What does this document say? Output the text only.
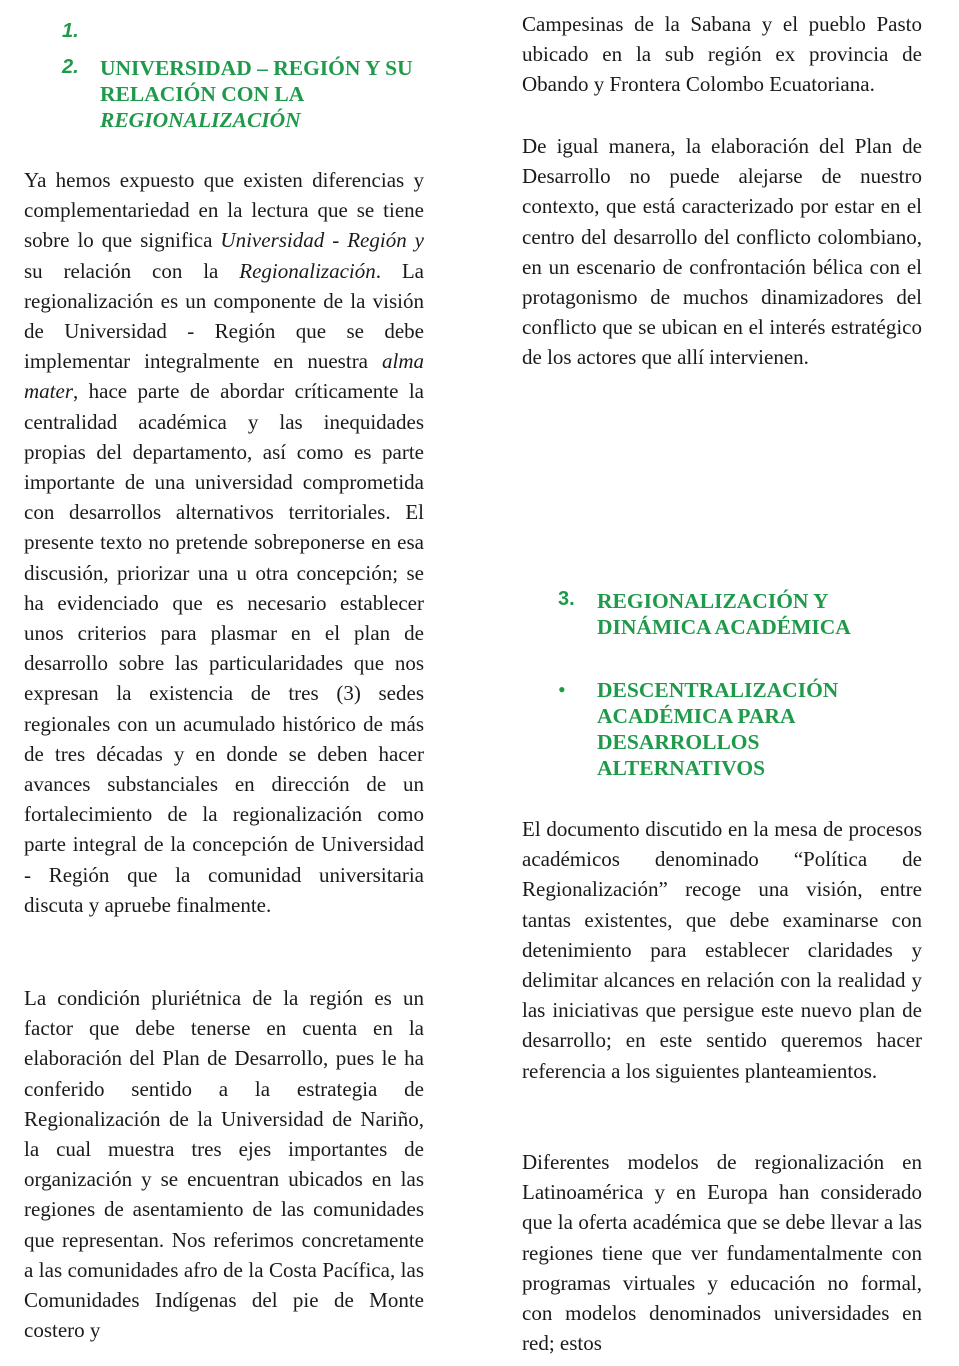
1.
2. UNIVERSIDAD – REGIÓN Y SU

RELACIÓN CON LA

REGIONALIZACIÓN

Ya hemos expuesto que existen diferencias y complementariedad en la lectura que se tiene sobre lo que significa Universidad - Región y su relación con la Regionalización. La regionalización es un componente de la visión de Universidad - Región que se debe implementar integralmente en nuestra alma mater, hace parte de abordar críticamente la centralidad académica y las inequidades propias del departamento, así como es parte importante de una universidad comprometida con desarrollos alternativos territoriales. El presente texto no pretende sobreponerse en esa discusión, priorizar una u otra concepción; se ha evidenciado que es necesario establecer unos criterios para plasmar en el plan de desarrollo sobre las particularidades que nos expresan la existencia de tres (3) sedes regionales con un acumulado histórico de más de tres décadas y en donde se deben hacer avances substanciales en dirección de un fortalecimiento de la regionalización como parte integral de la concepción de Universidad - Región que la comunidad universitaria discuta y apruebe finalmente.

La condición pluriétnica de la región es un factor que debe tenerse en cuenta en la elaboración del Plan de Desarrollo, pues le ha conferido sentido a la estrategia de Regionalización de la Universidad de Nariño, la cual muestra tres ejes importantes de organización y se encuentran ubicados en las regiones de asentamiento de las comunidades que representan. Nos referimos concretamente a las comunidades afro de la Costa Pacífica, las Comunidades Indígenas del pie de Monte costero y

Campesinas de la Sabana y el pueblo Pasto ubicado en la sub región ex provincia de Obando y Frontera Colombo Ecuatoriana.

De igual manera, la elaboración del Plan de Desarrollo no puede alejarse de nuestro contexto, que está caracterizado por estar en el centro del desarrollo del conflicto colombiano, en un escenario de confrontación bélica con el protagonismo de muchos dinamizadores del conflicto que se ubican en el interés estratégico de los actores que allí intervienen.

3. REGIONALIZACIÓN Y

DINÁMICA ACADÉMICA

• DESCENTRALIZACIÓN

ACADÉMICA PARA

DESARROLLOS

ALTERNATIVOS

El documento discutido en la mesa de procesos académicos denominado “Política de Regionalización” recoge una visión, entre tantas existentes, que debe examinarse con detenimiento para establecer claridades y delimitar alcances en relación con la realidad y las iniciativas que persigue este nuevo plan de desarrollo; en este sentido queremos hacer referencia a los siguientes planteamientos.

Diferentes modelos de regionalización en Latinoamérica y en Europa han considerado que la oferta académica que se debe llevar a las regiones tiene que ver fundamentalmente con programas virtuales y educación no formal, con modelos denominados universidades en red; estos
